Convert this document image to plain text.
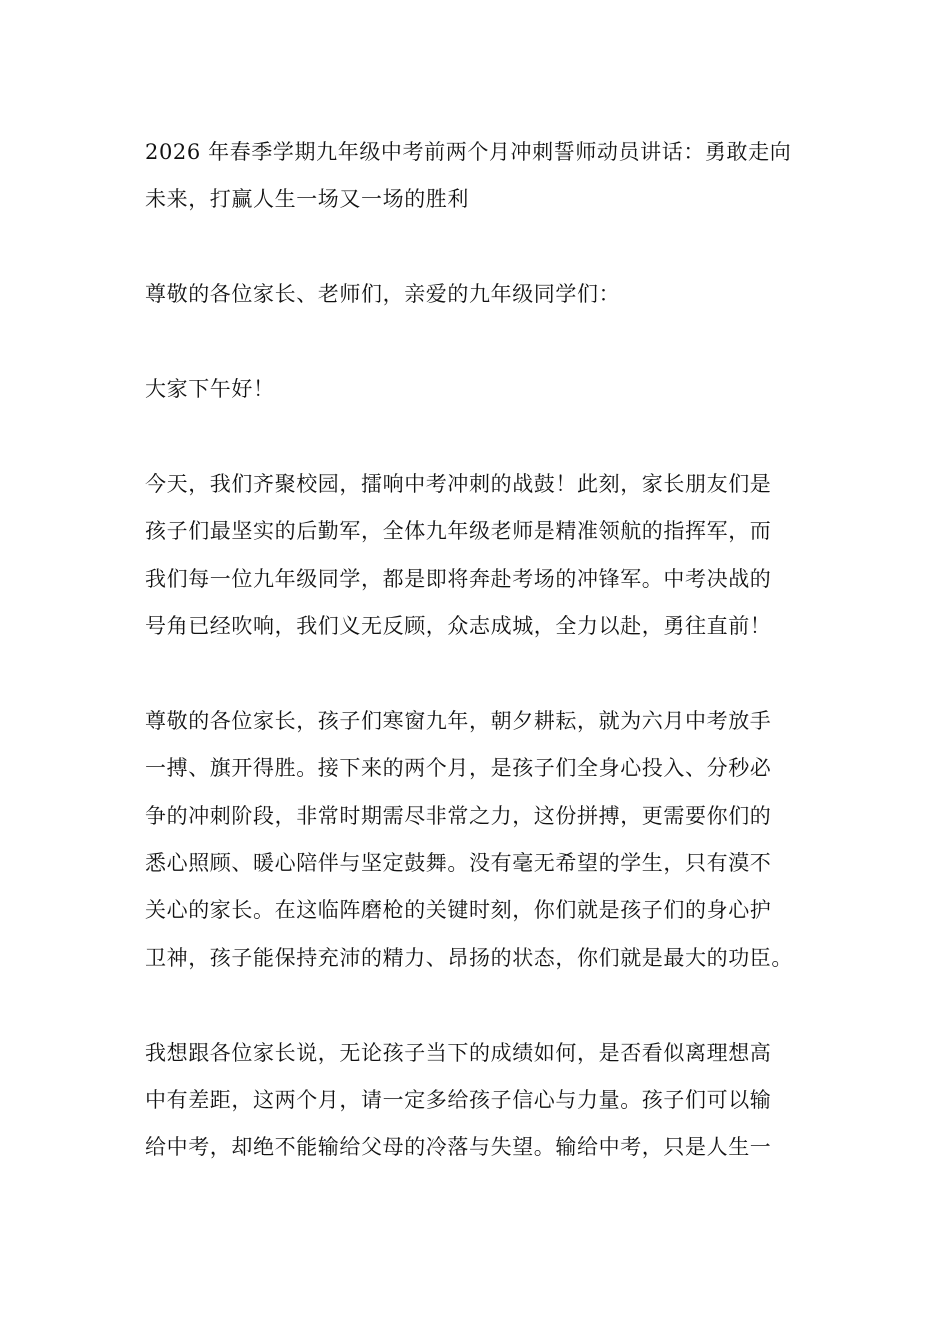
2026 年春季学期九年级中考前两个月冲刺誓师动员讲话：勇敢走向
未来，打赢人生一场又一场的胜利

尊敬的各位家长、老师们，亲爱的九年级同学们：

大家下午好！

今天，我们齐聚校园，擂响中考冲刺的战鼓！此刻，家长朋友们是
孩子们最坚实的后勤军，全体九年级老师是精准领航的指挥军，而
我们每一位九年级同学，都是即将奔赴考场的冲锋军。中考决战的
号角已经吹响，我们义无反顾，众志成城，全力以赴，勇往直前！

尊敬的各位家长，孩子们寒窗九年，朝夕耕耘，就为六月中考放手
一搏、旗开得胜。接下来的两个月，是孩子们全身心投入、分秒必
争的冲刺阶段，非常时期需尽非常之力，这份拼搏，更需要你们的
悉心照顾、暖心陪伴与坚定鼓舞。没有毫无希望的学生，只有漠不
关心的家长。在这临阵磨枪的关键时刻，你们就是孩子们的身心护
卫神，孩子能保持充沛的精力、昂扬的状态，你们就是最大的功臣。

我想跟各位家长说，无论孩子当下的成绩如何，是否看似离理想高
中有差距，这两个月，请一定多给孩子信心与力量。孩子们可以输
给中考，却绝不能输给父母的冷落与失望。输给中考，只是人生一
